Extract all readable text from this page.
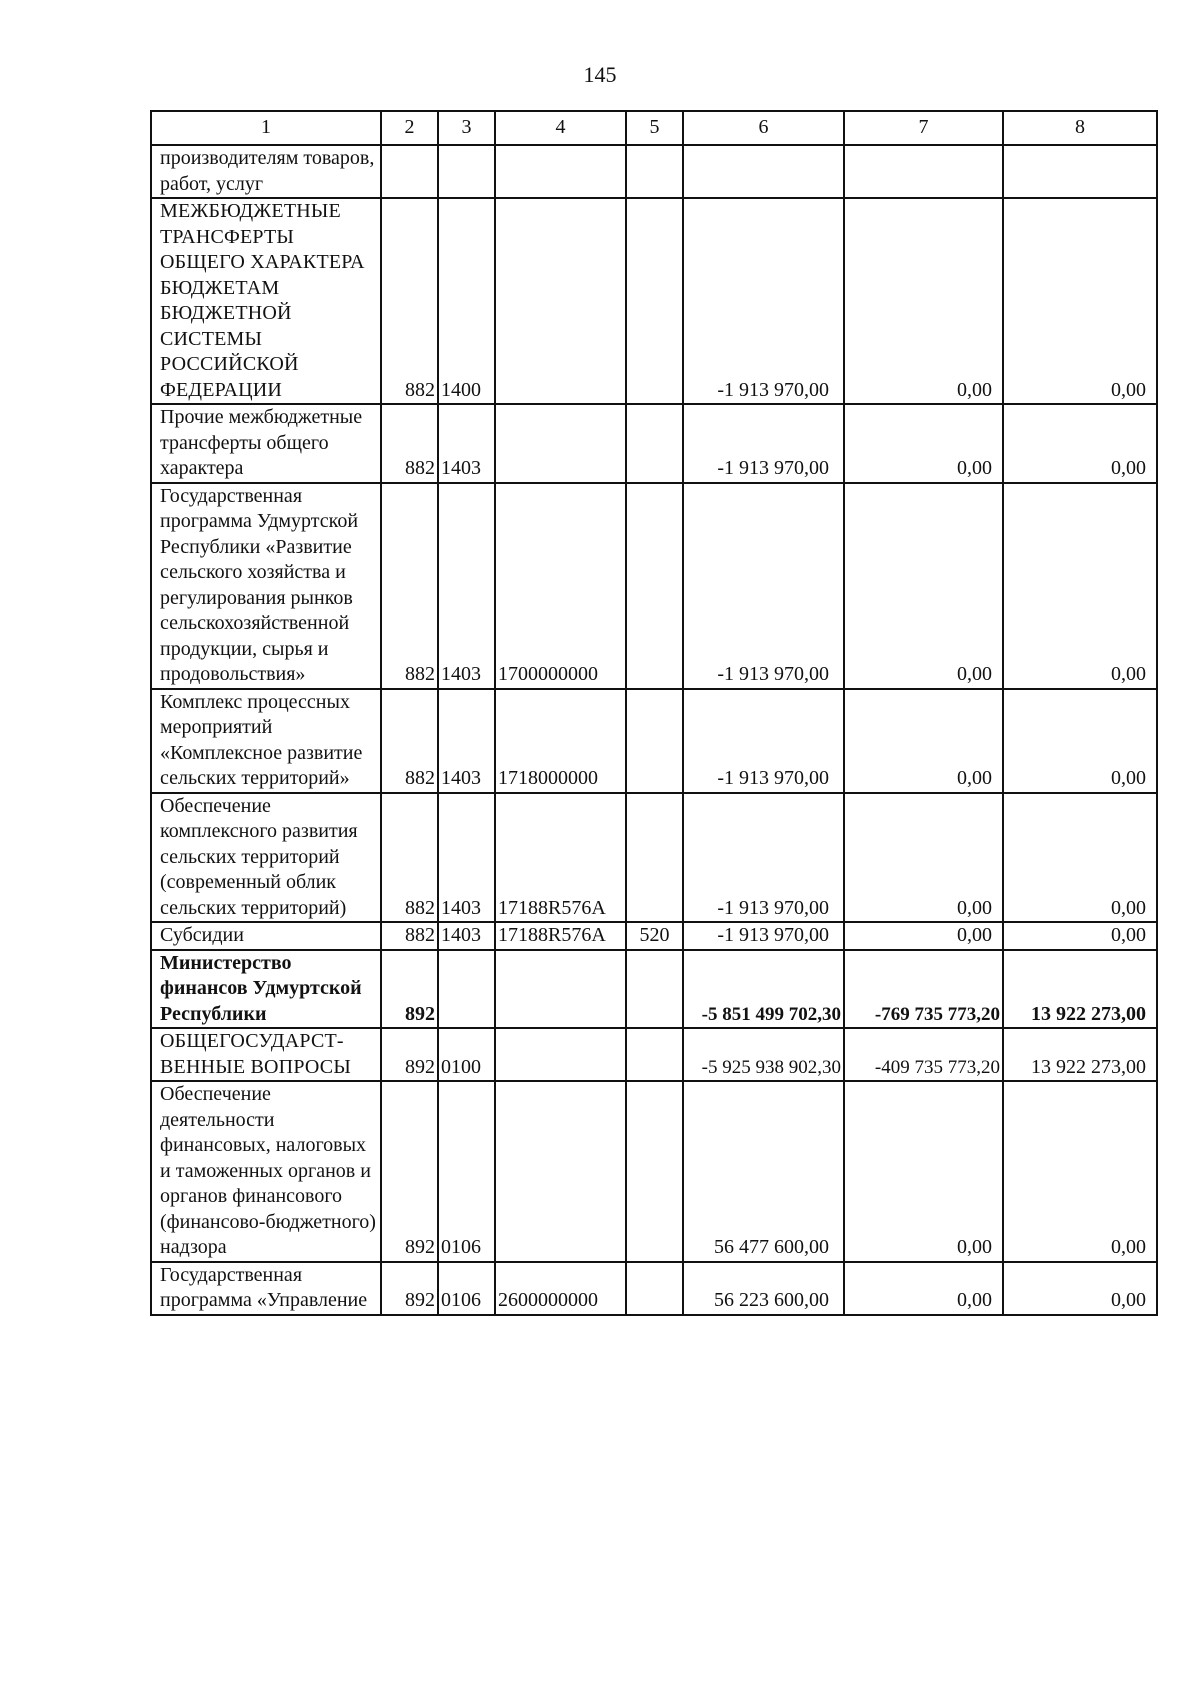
145
1	2	3	4	5	6	7	8
производителям товаров, работ, услуг							
МЕЖБЮДЖЕТНЫЕ ТРАНСФЕРТЫ ОБЩЕГО ХАРАКТЕРА БЮДЖЕТАМ БЮДЖЕТНОЙ СИСТЕМЫ РОССИЙСКОЙ ФЕДЕРАЦИИ	882	1400			-1 913 970,00	0,00	0,00
Прочие межбюджетные трансферты общего характера	882	1403			-1 913 970,00	0,00	0,00
Государственная программа Удмуртской Республики «Развитие сельского хозяйства и регулирования рынков сельскохозяйственной продукции, сырья и продовольствия»	882	1403	1700000000		-1 913 970,00	0,00	0,00
Комплекс процессных мероприятий «Комплексное развитие сельских территорий»	882	1403	1718000000		-1 913 970,00	0,00	0,00
Обеспечение комплексного развития сельских территорий (современный облик сельских территорий)	882	1403	17188R576A		-1 913 970,00	0,00	0,00
Субсидии	882	1403	17188R576A	520	-1 913 970,00	0,00	0,00
Министерство финансов Удмуртской Республики	892				-5 851 499 702,30	-769 735 773,20	13 922 273,00
ОБЩЕГОСУДАРСТ-ВЕННЫЕ ВОПРОСЫ	892	0100			-5 925 938 902,30	-409 735 773,20	13 922 273,00
Обеспечение деятельности финансовых, налоговых и таможенных органов и органов финансового (финансово-бюджетного) надзора	892	0106			56 477 600,00	0,00	0,00
Государственная программа «Управление	892	0106	2600000000		56 223 600,00	0,00	0,00
